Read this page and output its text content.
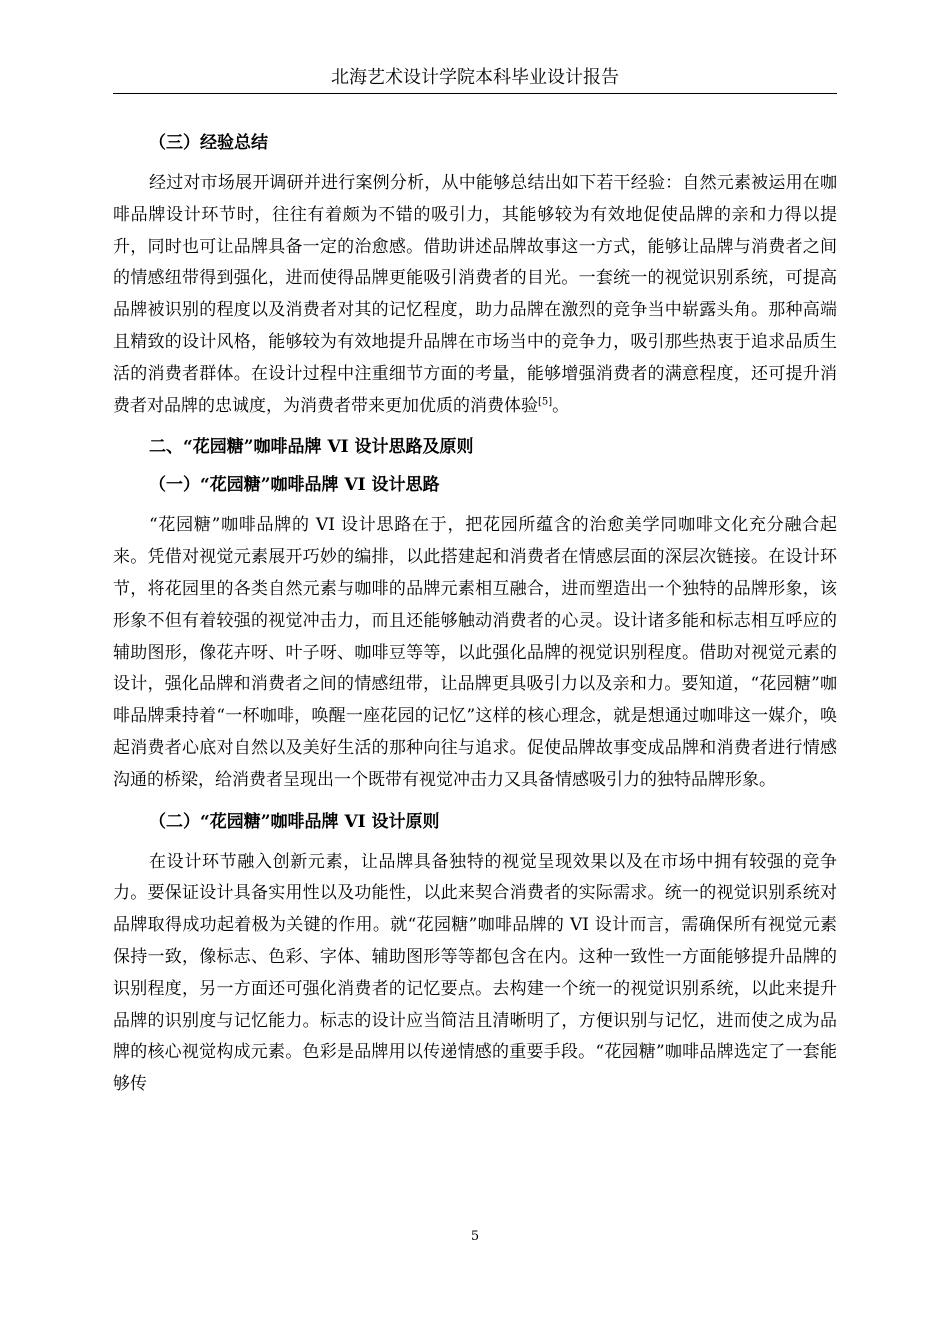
北海艺术设计学院本科毕业设计报告

（三）经验总结

经过对市场展开调研并进行案例分析，从中能够总结出如下若干经验：自然元素被运用在咖啡品牌设计环节时，往往有着颇为不错的吸引力，其能够较为有效地促使品牌的亲和力得以提升，同时也可让品牌具备一定的治愈感。借助讲述品牌故事这一方式，能够让品牌与消费者之间的情感纽带得到强化，进而使得品牌更能吸引消费者的目光。一套统一的视觉识别系统，可提高品牌被识别的程度以及消费者对其的记忆程度，助力品牌在激烈的竞争当中崭露头角。那种高端且精致的设计风格，能够较为有效地提升品牌在市场当中的竞争力，吸引那些热衷于追求品质生活的消费者群体。在设计过程中注重细节方面的考量，能够增强消费者的满意程度，还可提升消费者对品牌的忠诚度，为消费者带来更加优质的消费体验[5]。

二、“花园糖”咖啡品牌 VI 设计思路及原则

（一）“花园糖”咖啡品牌 VI 设计思路

“花园糖”咖啡品牌的 VI 设计思路在于，把花园所蕴含的治愈美学同咖啡文化充分融合起来。凭借对视觉元素展开巧妙的编排，以此搭建起和消费者在情感层面的深层次链接。在设计环节，将花园里的各类自然元素与咖啡的品牌元素相互融合，进而塑造出一个独特的品牌形象，该形象不但有着较强的视觉冲击力，而且还能够触动消费者的心灵。设计诸多能和标志相互呼应的辅助图形，像花卉呀、叶子呀、咖啡豆等等，以此强化品牌的视觉识别程度。借助对视觉元素的设计，强化品牌和消费者之间的情感纽带，让品牌更具吸引力以及亲和力。要知道，“花园糖”咖啡品牌秉持着“一杯咖啡，唤醒一座花园的记忆”这样的核心理念，就是想通过咖啡这一媒介，唤起消费者心底对自然以及美好生活的那种向往与追求。促使品牌故事变成品牌和消费者进行情感沟通的桥梁，给消费者呈现出一个既带有视觉冲击力又具备情感吸引力的独特品牌形象。

（二）“花园糖”咖啡品牌 VI 设计原则

在设计环节融入创新元素，让品牌具备独特的视觉呈现效果以及在市场中拥有较强的竞争力。要保证设计具备实用性以及功能性，以此来契合消费者的实际需求。统一的视觉识别系统对品牌取得成功起着极为关键的作用。就“花园糖”咖啡品牌的 VI 设计而言，需确保所有视觉元素保持一致，像标志、色彩、字体、辅助图形等等都包含在内。这种一致性一方面能够提升品牌的识别程度，另一方面还可强化消费者的记忆要点。去构建一个统一的视觉识别系统，以此来提升品牌的识别度与记忆能力。标志的设计应当简洁且清晰明了，方便识别与记忆，进而使之成为品牌的核心视觉构成元素。色彩是品牌用以传递情感的重要手段。“花园糖”咖啡品牌选定了一套能够传

5
